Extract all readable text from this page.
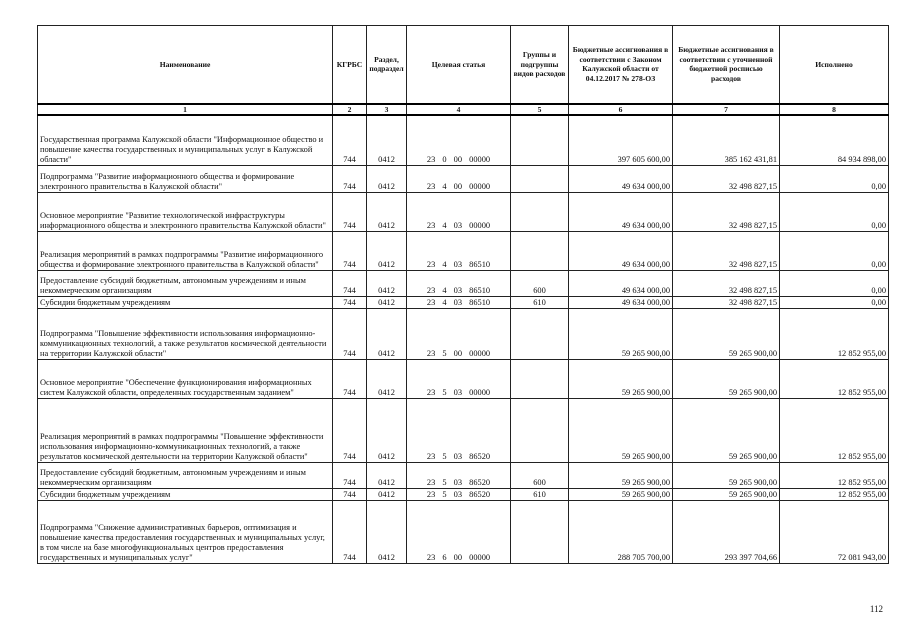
Наименование	КГРБС	Раздел, подраздел	Целевая статья	Группы и подгруппы видов расходов	Бюджетные ассигнования в соответствии с Законом Калужской области от 04.12.2017 № 278-ОЗ	Бюджетные ассигнования в соответствии с уточненной бюджетной росписью расходов	Исполнено
1	2	3	4	5	6	7	8
Государственная программа Калужской области "Информационное общество и повышение качества государственных и муниципальных услуг в Калужской области"	744	0412	23 0 00 00000		397 605 600,00	385 162 431,81	84 934 898,00
Подпрограмма "Развитие информационного общества и формирование электронного правительства в Калужской области"	744	0412	23 4 00 00000		49 634 000,00	32 498 827,15	0,00
Основное мероприятие "Развитие технологической инфраструктуры информационного общества и электронного правительства Калужской области"	744	0412	23 4 03 00000		49 634 000,00	32 498 827,15	0,00
Реализация мероприятий в рамках подпрограммы "Развитие информационного общества и формирование электронного правительства в Калужской области"	744	0412	23 4 03 86510		49 634 000,00	32 498 827,15	0,00
Предоставление субсидий бюджетным, автономным учреждениям и иным некоммерческим организациям	744	0412	23 4 03 86510	600	49 634 000,00	32 498 827,15	0,00
Субсидии бюджетным учреждениям	744	0412	23 4 03 86510	610	49 634 000,00	32 498 827,15	0,00
Подпрограмма "Повышение эффективности использования информационно-коммуникационных технологий, а также результатов космической деятельности на территории Калужской области"	744	0412	23 5 00 00000		59 265 900,00	59 265 900,00	12 852 955,00
Основное мероприятие "Обеспечение функционирования информационных систем Калужской области, определенных государственным заданием"	744	0412	23 5 03 00000		59 265 900,00	59 265 900,00	12 852 955,00
Реализация мероприятий в рамках подпрограммы "Повышение эффективности использования информационно-коммуникационных технологий, а также результатов космической деятельности на территории Калужской области"	744	0412	23 5 03 86520		59 265 900,00	59 265 900,00	12 852 955,00
Предоставление субсидий бюджетным, автономным учреждениям и иным некоммерческим организациям	744	0412	23 5 03 86520	600	59 265 900,00	59 265 900,00	12 852 955,00
Субсидии бюджетным учреждениям	744	0412	23 5 03 86520	610	59 265 900,00	59 265 900,00	12 852 955,00
Подпрограмма "Снижение административных барьеров, оптимизация и повышение качества предоставления государственных и муниципальных услуг, в том числе на базе многофункциональных центров предоставления государственных и муниципальных услуг"	744	0412	23 6 00 00000		288 705 700,00	293 397 704,66	72 081 943,00
112
